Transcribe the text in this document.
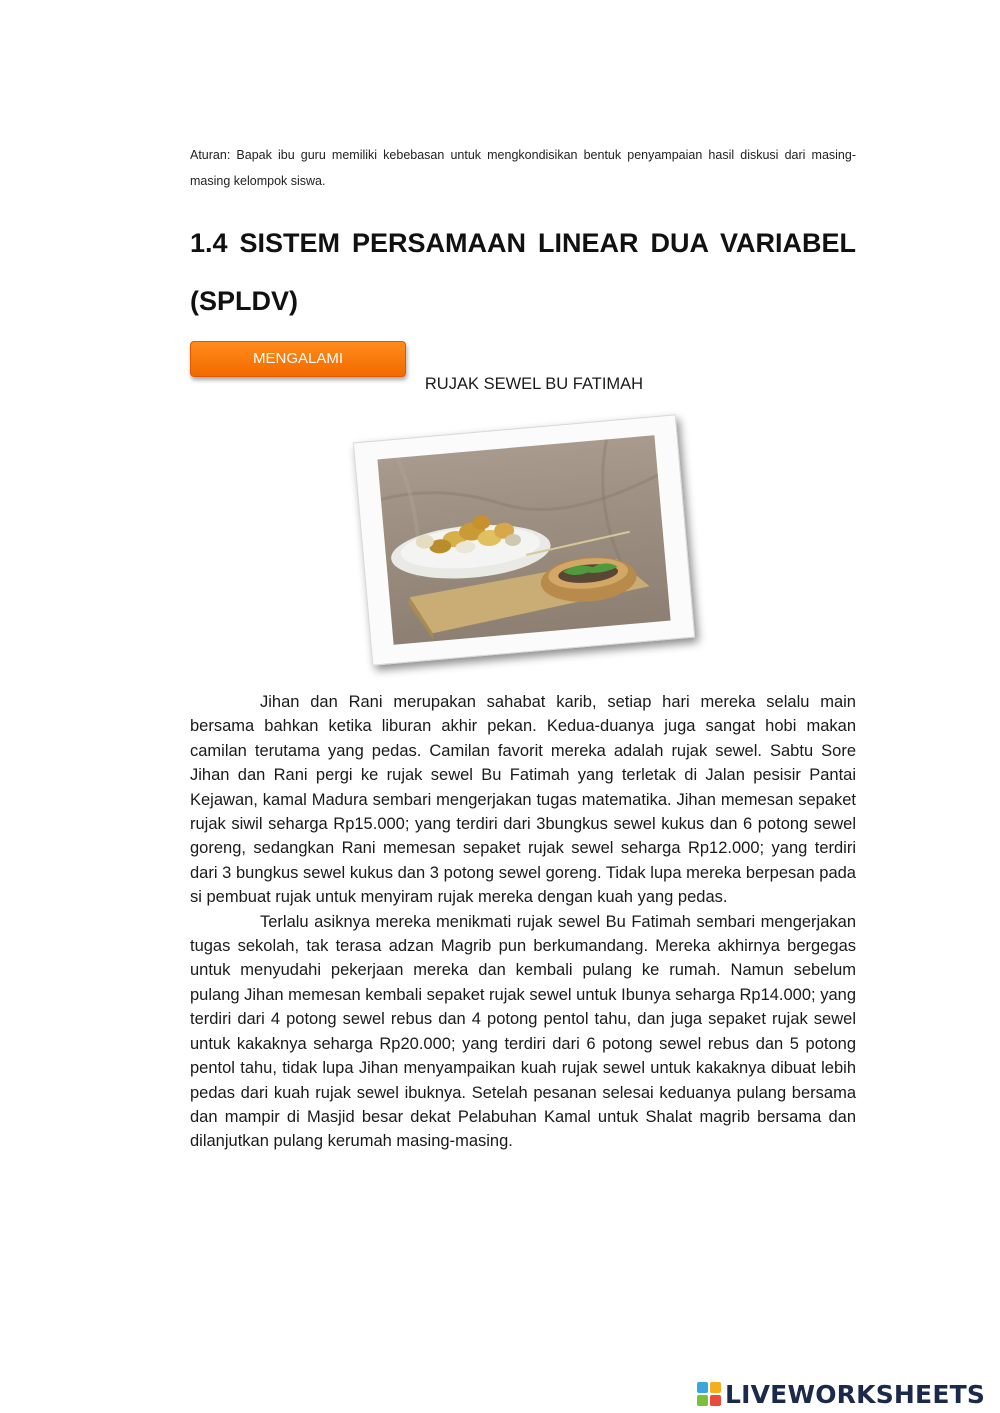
Aturan: Bapak ibu guru memiliki kebebasan untuk mengkondisikan bentuk penyampaian hasil diskusi dari masing-masing kelompok siswa.
1.4 SISTEM PERSAMAAN LINEAR DUA VARIABEL
(SPLDV)
MENGALAMI
RUJAK SEWEL BU FATIMAH

Jihan dan Rani merupakan sahabat karib, setiap hari mereka selalu main bersama bahkan ketika liburan akhir pekan. Kedua-duanya juga sangat hobi makan camilan terutama yang pedas. Camilan favorit mereka adalah rujak sewel. Sabtu Sore Jihan dan Rani pergi ke rujak sewel Bu Fatimah yang terletak di Jalan pesisir Pantai Kejawan, kamal Madura sembari mengerjakan tugas matematika. Jihan memesan sepaket rujak siwil seharga Rp15.000; yang terdiri dari 3bungkus sewel kukus dan 6 potong sewel goreng, sedangkan Rani memesan sepaket rujak sewel seharga Rp12.000; yang terdiri dari 3 bungkus sewel kukus dan 3 potong sewel goreng. Tidak lupa mereka berpesan pada si pembuat rujak untuk menyiram rujak mereka dengan kuah yang pedas.

Terlalu asiknya mereka menikmati rujak sewel Bu Fatimah sembari mengerjakan tugas sekolah, tak terasa adzan Magrib pun berkumandang. Mereka akhirnya bergegas untuk menyudahi pekerjaan mereka dan kembali pulang ke rumah. Namun sebelum pulang Jihan memesan kembali sepaket rujak sewel untuk Ibunya seharga Rp14.000; yang terdiri dari 4 potong sewel rebus dan 4 potong pentol tahu, dan juga sepaket rujak sewel untuk kakaknya seharga Rp20.000; yang terdiri dari 6 potong sewel rebus dan 5 potong pentol tahu, tidak lupa Jihan menyampaikan kuah rujak sewel untuk kakaknya dibuat lebih pedas dari kuah rujak sewel ibuknya. Setelah pesanan selesai keduanya pulang bersama dan mampir di Masjid besar dekat Pelabuhan Kamal untuk Shalat magrib bersama dan dilanjutkan pulang kerumah masing-masing.

LIVEWORKSHEETS
